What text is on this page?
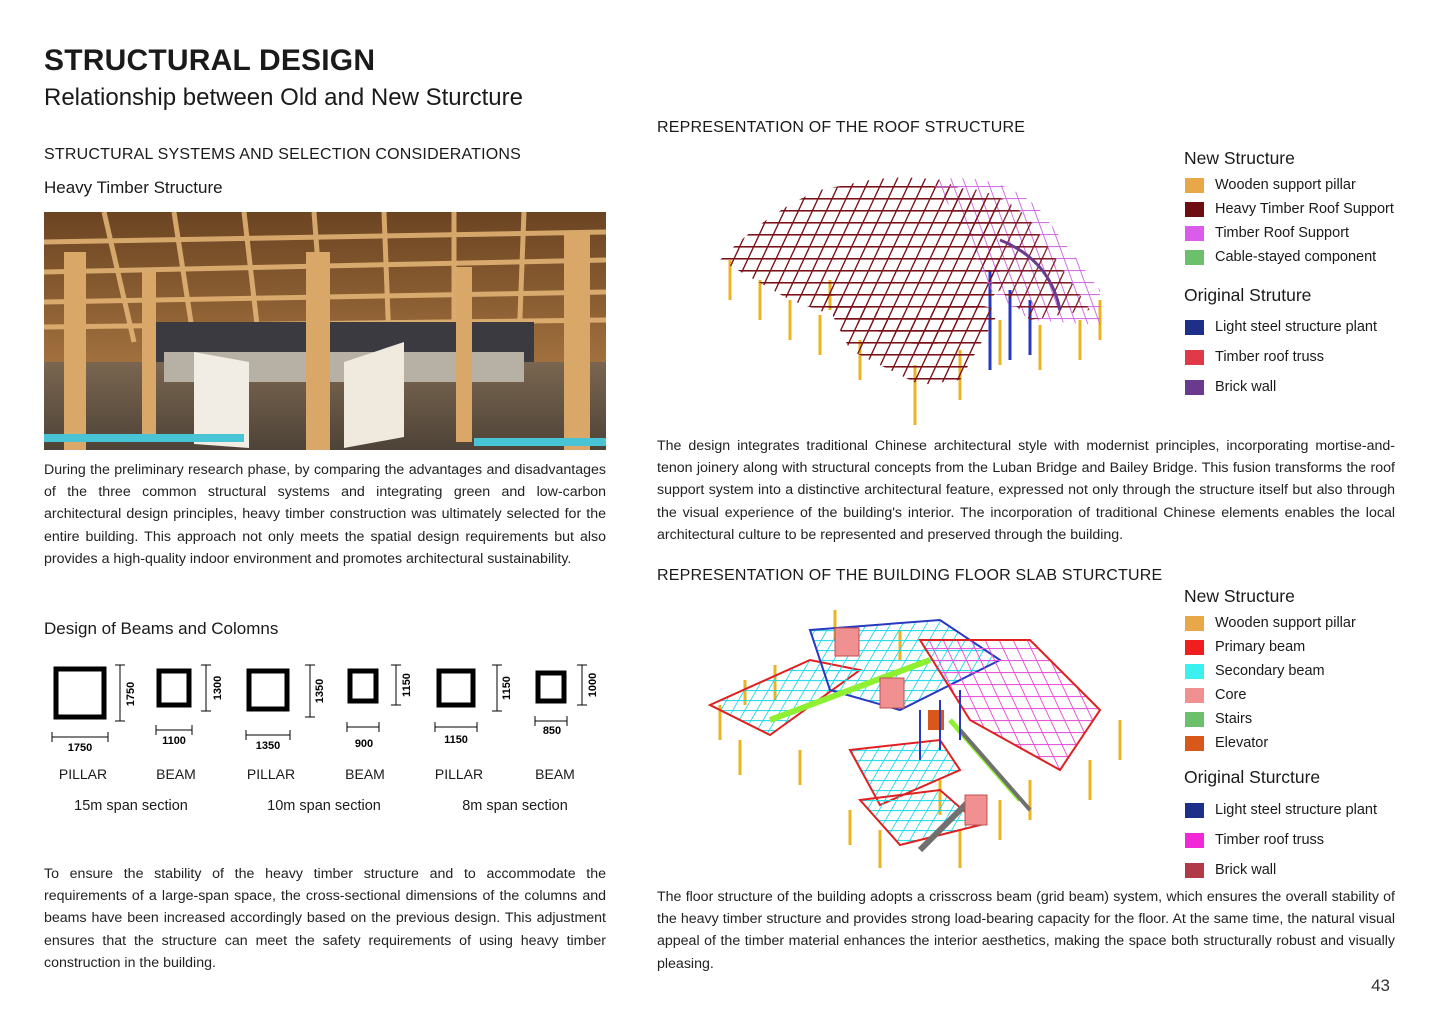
STRUCTURAL DESIGN
Relationship between Old and New Sturcture
STRUCTURAL SYSTEMS AND SELECTION CONSIDERATIONS
Heavy Timber Structure
During the preliminary research phase, by comparing the advantages and disadvantages of the three common structural systems and integrating green and low-carbon architectural design principles, heavy timber construction was ultimately selected for the entire building. This approach not only meets the spatial design requirements but also provides a high-quality indoor environment and promotes architectural sustainability.
Design of Beams and Colomns
1750
1750
1300
1100
1350
1350
1150
900
1150
1150
1000
850
PILLAR	BEAM	PILLAR	BEAM	PILLAR	BEAM
15m span section	10m span section	8m span section
To ensure the stability of the heavy timber structure and to accommodate the requirements of a large-span space, the cross-sectional dimensions of the columns and beams have been increased accordingly based on the previous design. This adjustment ensures that the structure can meet the safety requirements of using heavy timber construction in the building.
REPRESENTATION OF THE ROOF STRUCTURE
New Structure
Wooden support pillar
Heavy Timber Roof Support
Timber Roof Support
Cable-stayed component
Original Struture
Light steel structure plant
Timber roof truss
Brick wall
The design integrates traditional Chinese architectural style with modernist principles, incorporating mortise-and-tenon joinery along with structural concepts from the Luban Bridge and Bailey Bridge. This fusion transforms the roof support system into a distinctive architectural feature, expressed not only through the structure itself but also through the visual experience of the building's interior. The incorporation of traditional Chinese elements enables the local architectural culture to be represented and preserved through the building.
REPRESENTATION OF THE BUILDING FLOOR SLAB STURCTURE
New Structure
Wooden support pillar
Primary beam
Secondary beam
Core
Stairs
Elevator
Original Sturcture
Light steel structure plant
Timber roof truss
Brick wall
The floor structure of the building adopts a crisscross beam (grid beam) system, which ensures the overall stability of the heavy timber structure and provides strong load-bearing capacity for the floor. At the same time, the natural visual appeal of the timber material enhances the interior aesthetics, making the space both structurally robust and visually pleasing.
43
